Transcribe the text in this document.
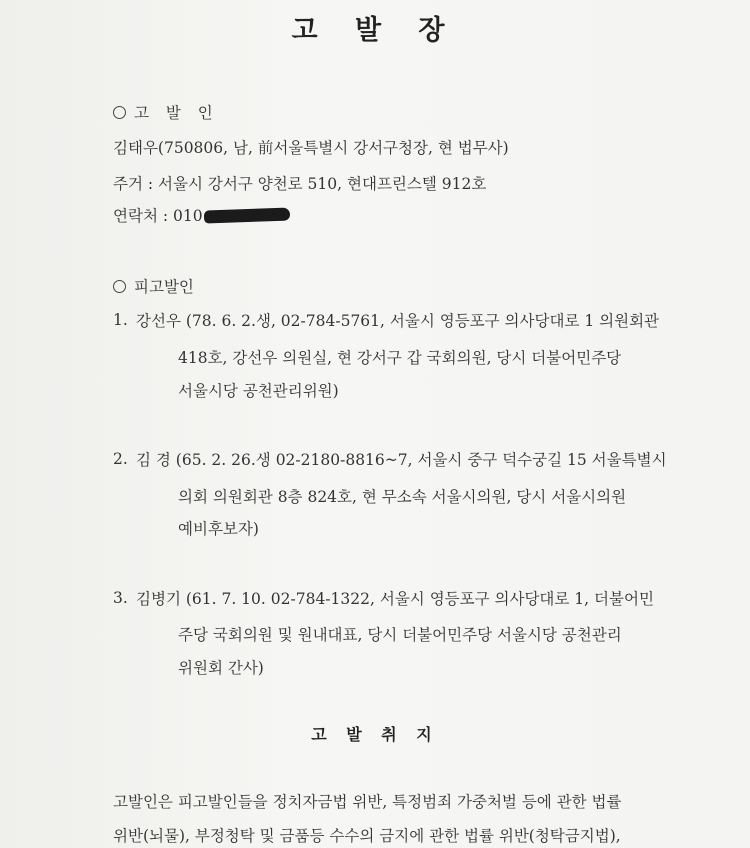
고 발 장
고 발 인
김태우(750806, 남, 前서울특별시 강서구청장, 현 법무사)
주거 : 서울시 강서구 양천로 510, 현대프린스텔 912호
연락처 : 010
피고발인
1. 강선우 (78. 6. 2.생, 02-784-5761, 서울시 영등포구 의사당대로 1 의원회관
418호, 강선우 의원실, 현 강서구 갑 국회의원, 당시 더불어민주당
서울시당 공천관리위원)
2. 김 경 (65. 2. 26.생 02-2180-8816~7, 서울시 중구 덕수궁길 15 서울특별시
의회 의원회관 8층 824호, 현 무소속 서울시의원, 당시 서울시의원
예비후보자)
3. 김병기 (61. 7. 10. 02-784-1322, 서울시 영등포구 의사당대로 1, 더불어민
주당 국회의원 및 원내대표, 당시 더불어민주당 서울시당 공천관리
위원회 간사)
고 발 취 지
고발인은 피고발인들을 정치자금법 위반, 특정범죄 가중처벌 등에 관한 법률
위반(뇌물), 부정청탁 및 금품등 수수의 금지에 관한 법률 위반(청탁금지법),
